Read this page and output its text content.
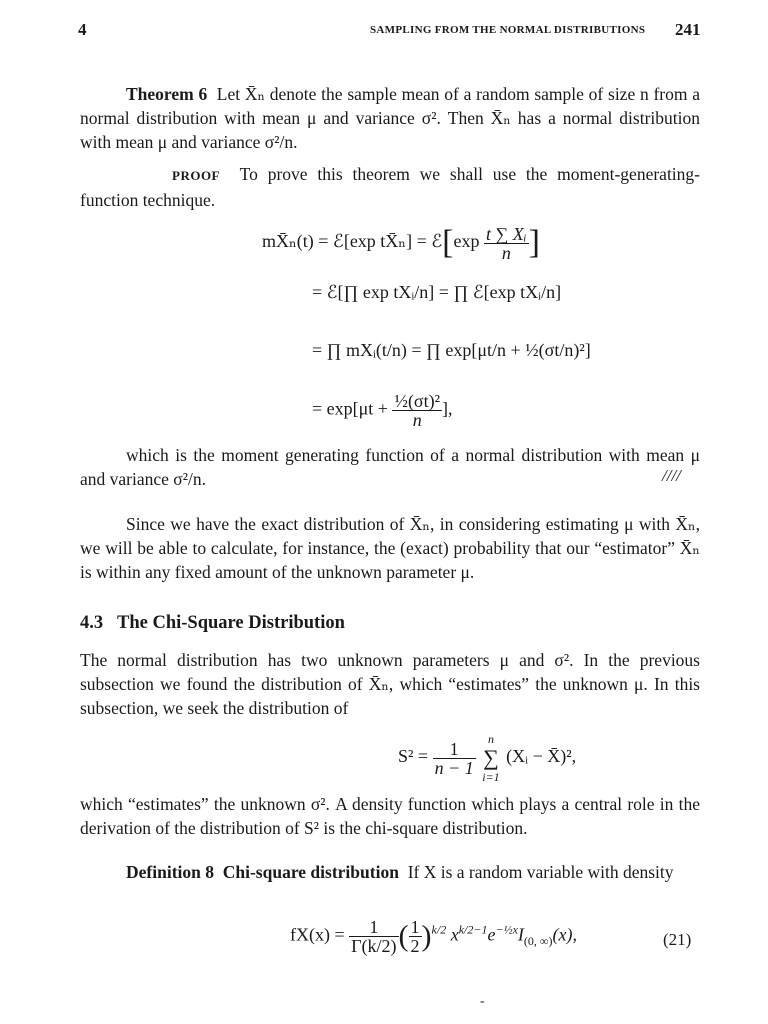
4	SAMPLING FROM THE NORMAL DISTRIBUTIONS 241
Theorem 6 Let X̄ₙ denote the sample mean of a random sample of size n from a normal distribution with mean μ and variance σ². Then X̄ₙ has a normal distribution with mean μ and variance σ²/n.
PROOF To prove this theorem we shall use the moment-generating-function technique.
mX̄ₙ(t) = ℰ[exp tX̄ₙ] = ℰ[exp $\frac{\text{t ∑ Xᵢ}}{n}$ ]
= ℰ[∏ exp tXᵢ/n] = ∏ ℰ[exp tXᵢ/n]
= ∏ mXᵢ(t/n) = ∏ exp[μt/n + ½(σt/n)²]
= $\exp[\mu t + \frac{\text{½(σt)²}}{n}$ ],
which is the moment generating function of a normal distribution with mean μ and variance σ²/n.	////
Since we have the exact distribution of X̄ₙ, in considering estimating μ with X̄ₙ, we will be able to calculate, for instance, the (exact) probability that our “estimator” X̄ₙ is within any fixed amount of the unknown parameter μ.
4.3 The Chi-Square Distribution
The normal distribution has two unknown parameters μ and σ². In the previous subsection we found the distribution of X̄ₙ, which “estimates” the unknown μ. In this subsection, we seek the distribution of
$S^2 = \frac{1}{n - 1}$

n
∑
i=1
(Xᵢ − X̄)²,
which “estimates” the unknown σ². A density function which plays a central role in the derivation of the distribution of S² is the chi-square distribution.
Definition 8 Chi-square distribution If X is a random variable with density
$fX(x) = \frac{1}{\Gamma(k/2)}$ ( $\frac{1}{2} )^{k/2}$ $x^{k/2-1}e^{-\frac{1}{2}x}I_{(0, \infty)}(x)$,	(21)
-
